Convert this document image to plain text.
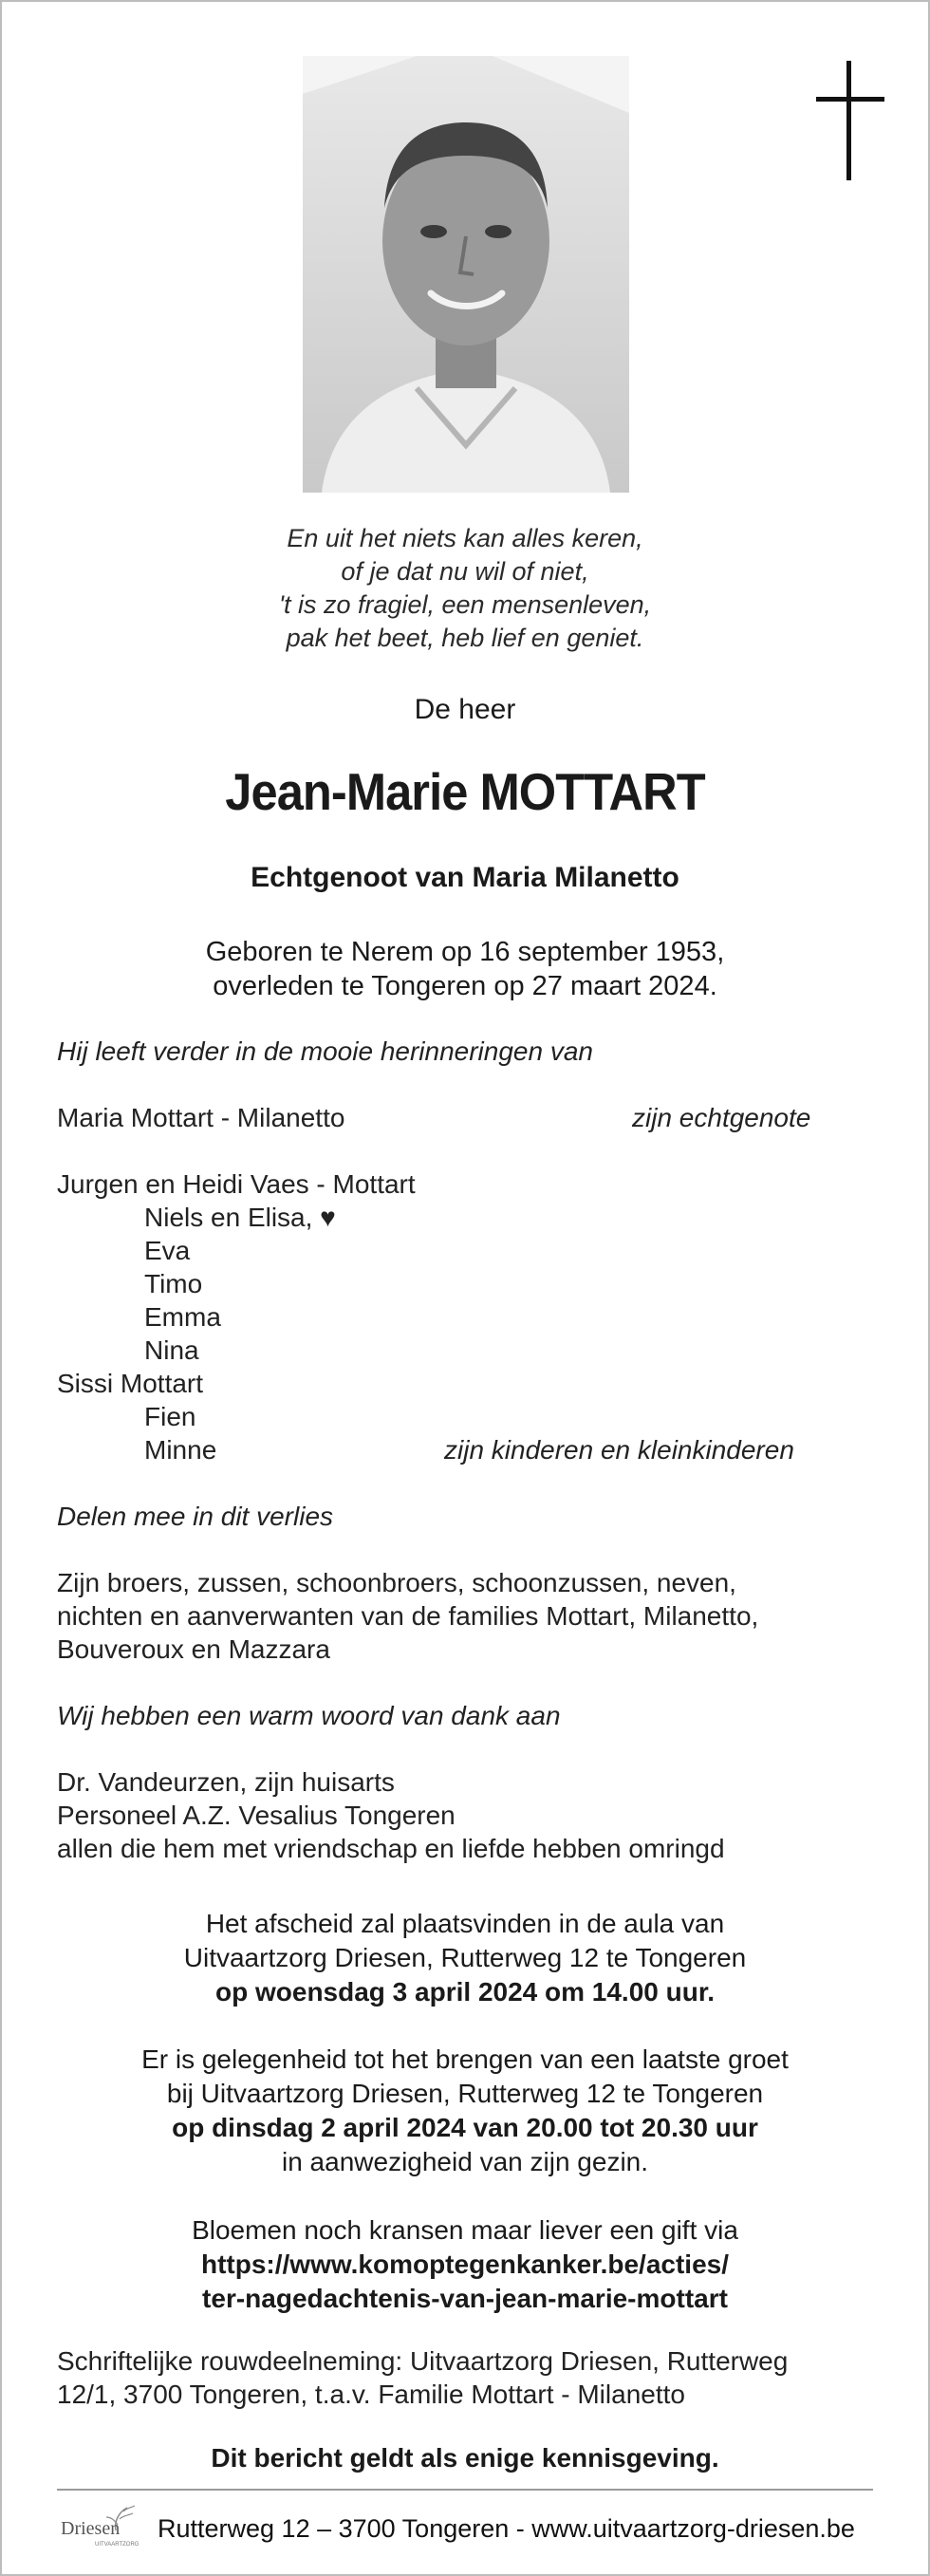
En uit het niets kan alles keren,
of je dat nu wil of niet,
't is zo fragiel, een mensenleven,
pak het beet, heb lief en geniet.
De heer
Jean-Marie MOTTART
Echtgenoot van Maria Milanetto
Geboren te Nerem op 16 september 1953,
overleden te Tongeren op 27 maart 2024.
Hij leeft verder in de mooie herinneringen van
Maria Mottart - Milanetto	zijn echtgenote
Jurgen en Heidi Vaes - Mottart
Niels en Elisa, ♥
Eva
Timo
Emma
Nina
Sissi Mottart
Fien
Minne	zijn kinderen en kleinkinderen
Delen mee in dit verlies
Zijn broers, zussen, schoonbroers, schoonzussen, neven,
nichten en aanverwanten van de families Mottart, Milanetto,
Bouveroux en Mazzara
Wij hebben een warm woord van dank aan
Dr. Vandeurzen, zijn huisarts
Personeel A.Z. Vesalius Tongeren
allen die hem met vriendschap en liefde hebben omringd
Het afscheid zal plaatsvinden in de aula van
Uitvaartzorg Driesen, Rutterweg 12 te Tongeren
op woensdag 3 april 2024 om 14.00 uur.
Er is gelegenheid tot het brengen van een laatste groet
bij Uitvaartzorg Driesen, Rutterweg 12 te Tongeren
op dinsdag 2 april 2024 van 20.00 tot 20.30 uur
in aanwezigheid van zijn gezin.
Bloemen noch kransen maar liever een gift via
https://www.komoptegenkanker.be/acties/
ter-nagedachtenis-van-jean-marie-mottart
Schriftelijke rouwdeelneming: Uitvaartzorg Driesen, Rutterweg
12/1, 3700 Tongeren, t.a.v. Familie Mottart - Milanetto
Dit bericht geldt als enige kennisgeving.
Driesen
UITVAARTZORG
Rutterweg 12 – 3700 Tongeren - www.uitvaartzorg-driesen.be
